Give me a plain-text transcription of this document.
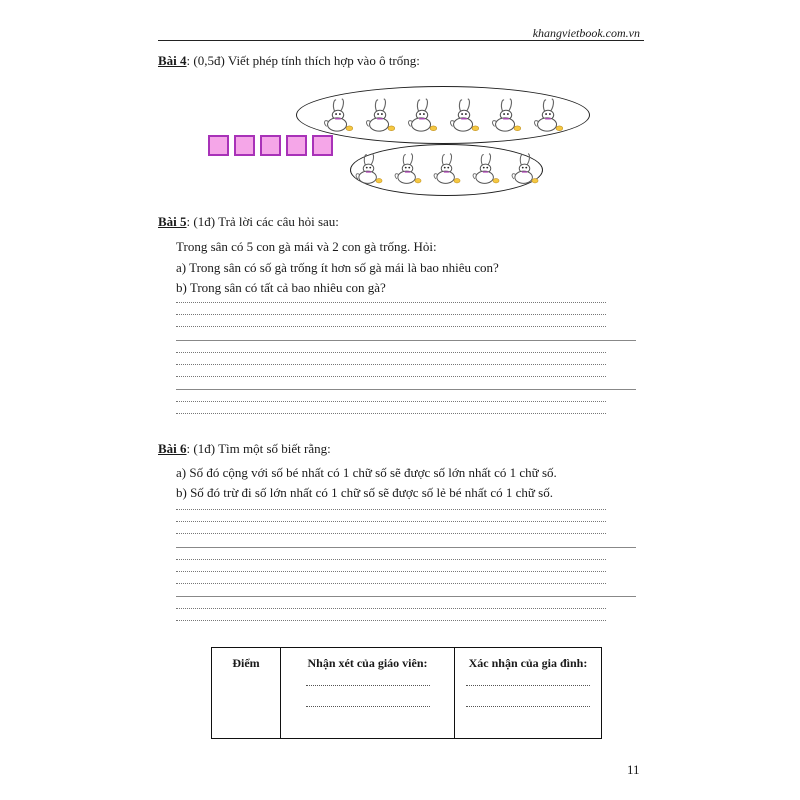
khangvietbook.com.vn
Bài 4: (0,5đ) Viết phép tính thích hợp vào ô trống:
Bài 5: (1đ) Trả lời các câu hỏi sau:
Trong sân có 5 con gà mái và 2 con gà trống. Hỏi:
a) Trong sân có số gà trống ít hơn số gà mái là bao nhiêu con?
b) Trong sân có tất cả bao nhiêu con gà?
Bài 6: (1đ) Tìm một số biết rằng:
a) Số đó cộng với số bé nhất có 1 chữ số sẽ được số lớn nhất có 1 chữ số.
b) Số đó trừ đi số lớn nhất có 1 chữ số sẽ được số lẻ bé nhất có 1 chữ số.
Điểm	Nhận xét của giáo viên:	Xác nhận của gia đình:
11
